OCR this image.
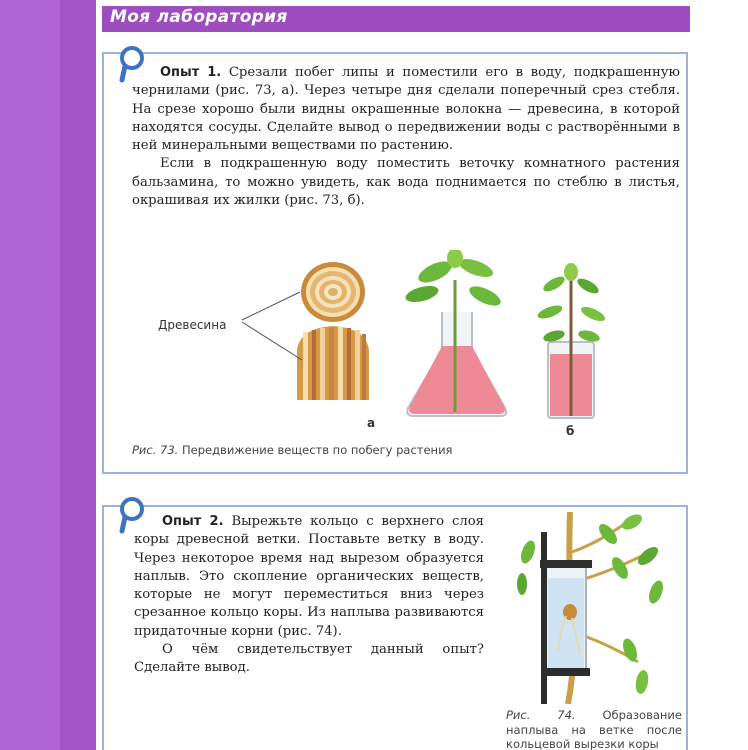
Моя лаборатория

Опыт 1. Срезали побег липы и поместили его в воду, подкрашенную чернилами (рис. 73, а). Через четыре дня сделали поперечный срез стебля. На срезе хорошо были видны окрашенные волокна — древесина, в которой находятся сосуды. Сделайте вывод о передвижении воды с растворёнными в ней минеральными веществами по растению.

Если в подкрашенную воду поместить веточку комнатного растения бальзамина, то можно увидеть, как вода поднимается по стеблю в листья, окрашивая их жилки (рис. 73, б).

Древесина
а
б
Рис. 73. Передвижение веществ по побегу растения

Опыт 2. Вырежьте кольцо с верхнего слоя коры древесной ветки. Поставьте ветку в воду. Через некоторое время над вырезом образуется наплыв. Это скопление органических веществ, которые не могут переместиться вниз через срезанное кольцо коры. Из наплыва развиваются придаточные корни (рис. 74).

О чём свидетельствует данный опыт? Сделайте вывод.

Рис. 74. Образование наплыва на ветке после кольцевой вырезки коры
